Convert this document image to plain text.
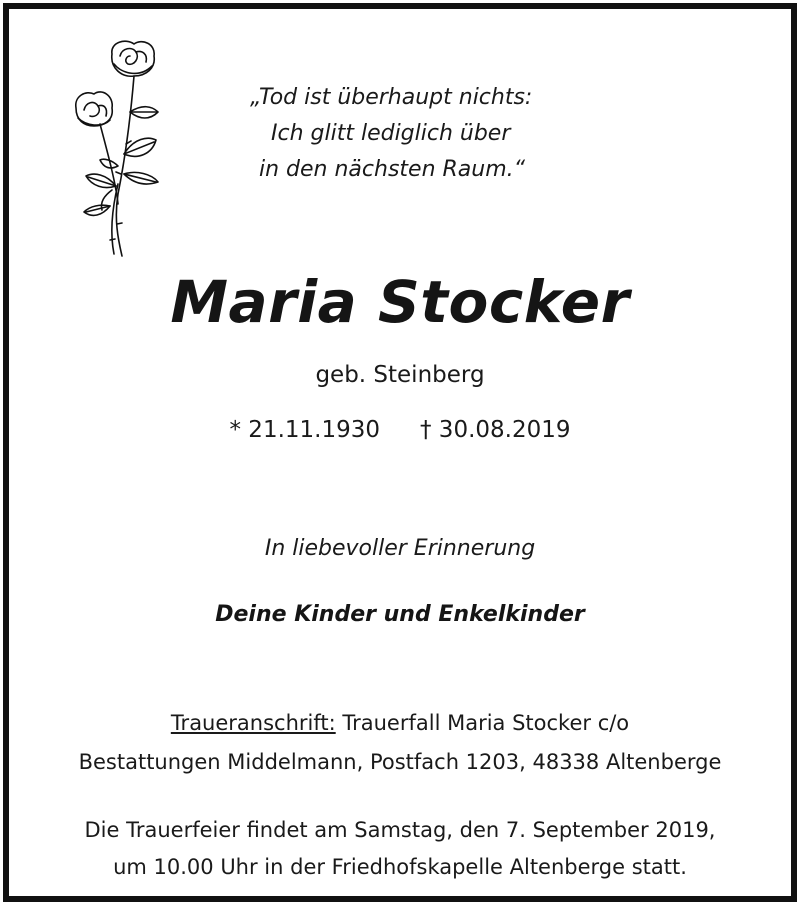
„Tod ist überhaupt nichts:
Ich glitt lediglich über
in den nächsten Raum.“
Maria Stocker
geb. Steinberg
* 21.11.1930 † 30.08.2019
In liebevoller Erinnerung
Deine Kinder und Enkelkinder
Traueranschrift: Trauerfall Maria Stocker c/o
Bestattungen Middelmann, Postfach 1203, 48338 Altenberge
Die Trauerfeier findet am Samstag, den 7. September 2019,
um 10.00 Uhr in der Friedhofskapelle Altenberge statt.
